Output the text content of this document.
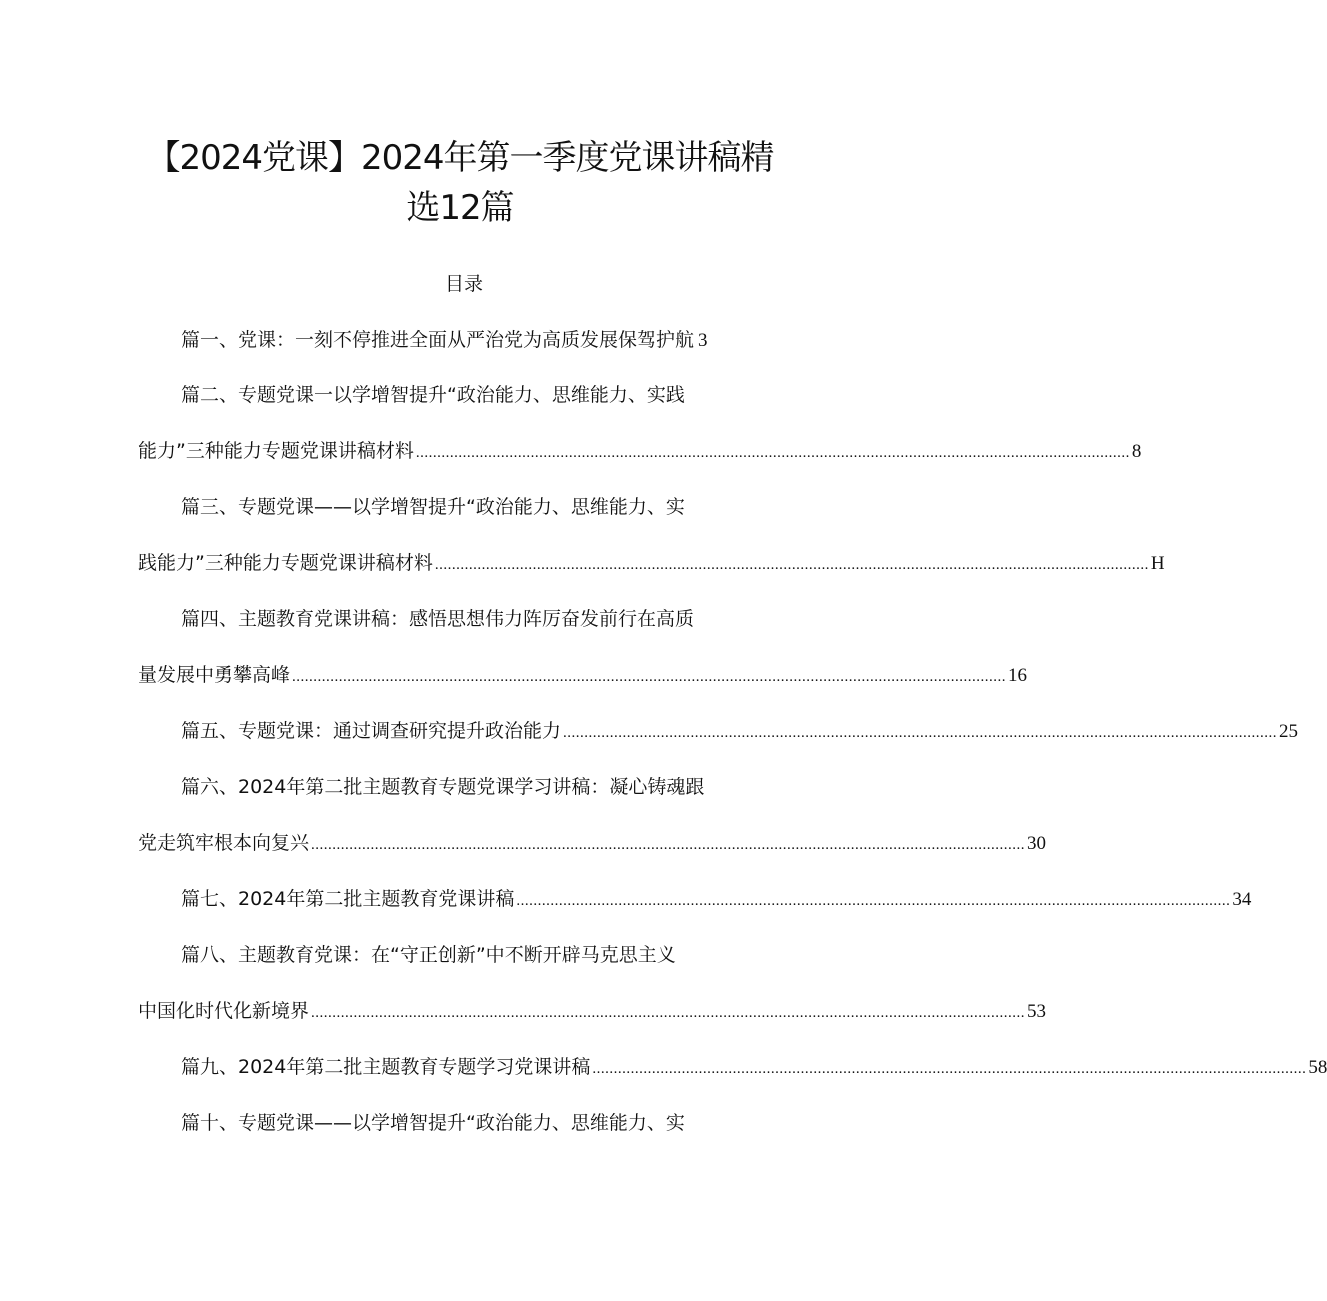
【2024党课】2024年第一季度党课讲稿精
选12篇
目录
篇一、党课：一刻不停推进全面从严治党为高质发展保驾护航 3
篇二、专题党课一以学增智提升“政治能力、思维能力、实践
能力”三种能力专题党课讲稿材料 ........................................................................................................................................................................ 8
篇三、专题党课——以学增智提升“政治能力、思维能力、实
践能力”三种能力专题党课讲稿材料 ........................................................................................................................................................................ H
篇四、主题教育党课讲稿：感悟思想伟力阵厉奋发前行在高质
量发展中勇攀高峰 ........................................................................................................................................................................ 16
篇五、专题党课：通过调查研究提升政治能力 ........................................................................................................................................................................ 25
篇六、2024年第二批主题教育专题党课学习讲稿：凝心铸魂跟
党走筑牢根本向复兴 ........................................................................................................................................................................ 30
篇七、2024年第二批主题教育党课讲稿 ........................................................................................................................................................................ 34
篇八、主题教育党课：在“守正创新”中不断开辟马克思主义
中国化时代化新境界 ........................................................................................................................................................................ 53
篇九、2024年第二批主题教育专题学习党课讲稿 ........................................................................................................................................................................ 58
篇十、专题党课——以学增智提升“政治能力、思维能力、实
